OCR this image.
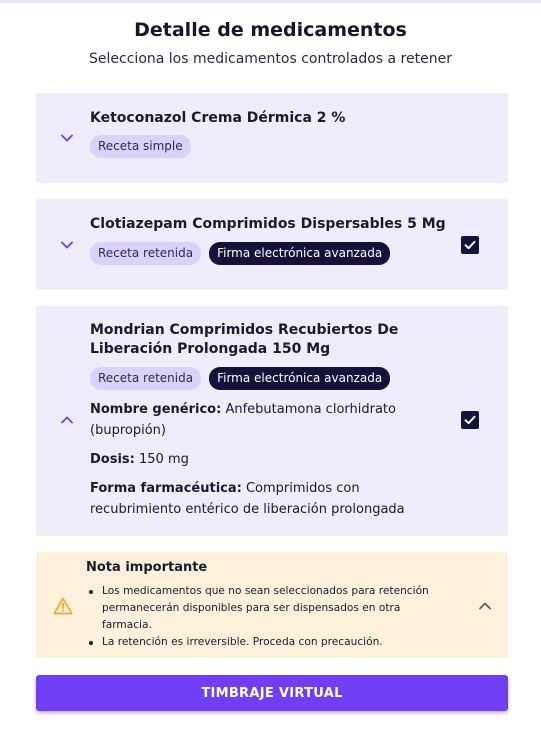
Detalle de medicamentos

Selecciona los medicamentos controlados a retener

Ketoconazol Crema Dérmica 2 %
Receta simple
Clotiazepam Comprimidos Dispersables 5 Mg
Receta retenida	Firma electrónica avanzada
Mondrian Comprimidos Recubiertos De Liberación Prolongada 150 Mg
Receta retenida	Firma electrónica avanzada
Nombre genérico: Anfebutamona clorhidrato (bupropión)
Dosis: 150 mg
Forma farmacéutica: Comprimidos con recubrimiento entérico de liberación prolongada
Nota importante
Los medicamentos que no sean seleccionados para retención permanecerán disponibles para ser dispensados en otra farmacia.
La retención es irreversible. Proceda con precaución.
TIMBRAJE VIRTUAL
